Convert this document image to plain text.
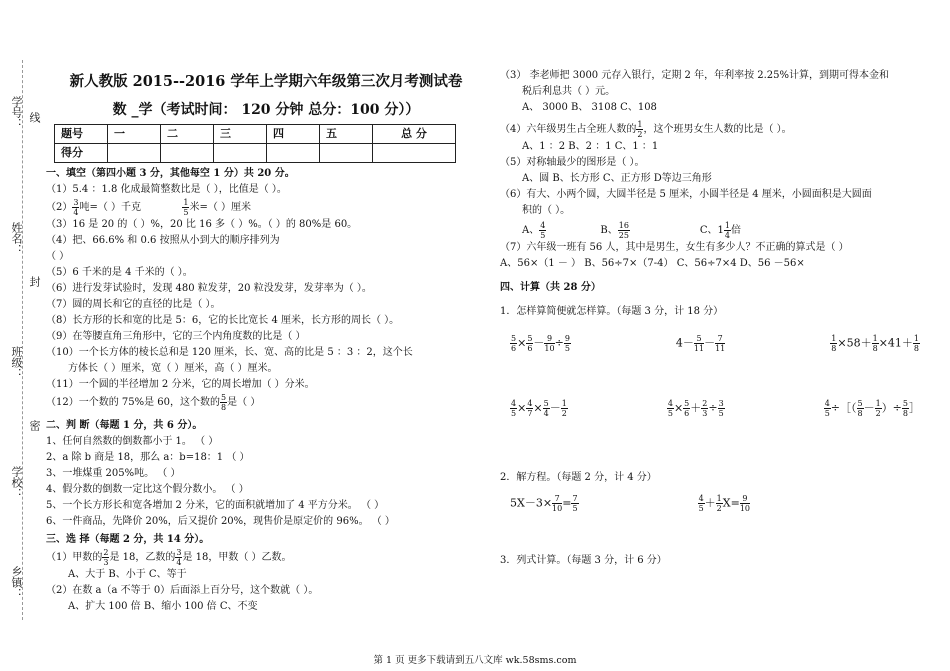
学号： 线
姓名：
封
班级：
密
学校：
乡镇：
新人教版 2015--2016 学年上学期六年级第三次月考测试卷
数 _学（考试时间： 120 分钟 总分：100 分））
题号	一	二	三	四	五	总 分
得分						
一、填空（第四小题 3 分，其他每空 1 分）共 20 分。

（1）5.4 ：1.8 化成最简整数比是（ ），比值是（ ）。

$(2) \frac{3}{4}$ 吨=（ ）千克	$\frac{1}{5}$ 米=（ ）厘米

（3）16 是 20 的（ ）%，20 比 16 多（ ）%。（ ）的 80%是 60。

（4）把、66.6% 和 0.6 按照从小到大的顺序排列为

（ ）

（5）6 千米的是 4 千米的（ ）。

（6）进行发芽试验时，发现 480 粒发芽，20 粒没发芽，发芽率为（ ）。

（7）圆的周长和它的直径的比是（ ）。

（8）长方形的长和宽的比是 5：6，它的长比宽长 4 厘米，长方形的周长（ ）。

（9）在等腰直角三角形中，它的三个内角度数的比是（ ）

（10）一个长方体的棱长总和是 120 厘米，长、宽、高的比是 5 ：3 ：2，这个长

方体长（ ）厘米，宽（ ）厘米，高（ ）厘米。

（11）一个圆的半径增加 2 分米，它的周长增加（ ）分米。

（12）一个数的 75%是 60，这个数的 $\frac{5}{8}$ 是（ ）

二、判 断（每题 1 分，共 6 分）。

1、任何自然数的倒数都小于 1。 （ ）

2、a 除 b 商是 18，那么 a：b=18：1 （ ）

3、一堆煤重 205%吨。 （ ）

4、假分数的倒数一定比这个假分数小。 （ ）

5、一个长方形长和宽各增加 2 分米，它的面积就增加了 4 平方分米。 （ ）

6、一件商品，先降价 20%，后又提价 20%，现售价是原定价的 96%。 （ ）

三、选 择（每题 2 分，共 14 分）。

（1）甲数的 $\frac{2}{3}$ 是 18，乙数的 $\frac{3}{4}$ 是 18，甲数（ ）乙数。

A、大于 B、小于 C、等于

（2）在数 a（a 不等于 0）后面添上百分号，这个数就（ ）。

A、扩大 100 倍 B、缩小 100 倍 C、不变

（3） 李老师把 3000 元存入银行，定期 2 年，年利率按 2.25%计算，到期可得本金和

税后利息共（ ）元。

A、 3000 B、 3108 C、108

（4）六年级男生占全班人数的 $\frac{1}{2}$ ，这个班男女生人数的比是（ ）。

A、1 ：2 B、2 ：1 C、1 ：1

（5）对称轴最少的图形是（ ）。

A、圆 B、长方形 C、正方形 D等边三角形

（6）有大、小两个圆，大圆半径是 5 厘米，小圆半径是 4 厘米，小圆面积是大圆面

积的（ ）。

A、 $\frac{4}{5}$	B、 $\frac{16}{25}$	C、$1 \frac{1}{4}$ 倍

（7）六年级一班有 56 人，其中是男生，女生有多少人？不正确的算式是（ ）

A、56×（1 － ） B、56÷7×（7-4） C、56÷7×4 D、56 －56×

四、计算（共 28 分）

1．怎样算简便就怎样算。（每题 3 分，计 18 分）

$\frac{5}{6} \times \frac{5}{6} - \frac{9}{10} \div \frac{9}{5}$	$4- \frac{5}{11} - \frac{7}{11}$	$\frac{1}{8} \times 58+ \frac{1}{8} \times 41+ \frac{1}{8}$
$\frac{4}{5} \times \frac{4}{7} \times \frac{5}{4} - \frac{1}{2}$	$\frac{4}{5} \times \frac{5}{6} + \frac{2}{3} \div \frac{3}{5}$	$\frac{4}{5}$ ÷［（ $\frac{5}{8} - \frac{1}{2}$ ）÷ $\frac{5}{8}$ ］

2．解方程。（每题 2 分，计 4 分）

$5X-3\times \frac{7}{10} = \frac{7}{5}$	$\frac{4}{5} + \frac{1}{2} X= \frac{9}{10}$

3．列式计算。（每题 3 分，计 6 分）

第 1 页 更多下载请到五八文库 wk.58sms.com
